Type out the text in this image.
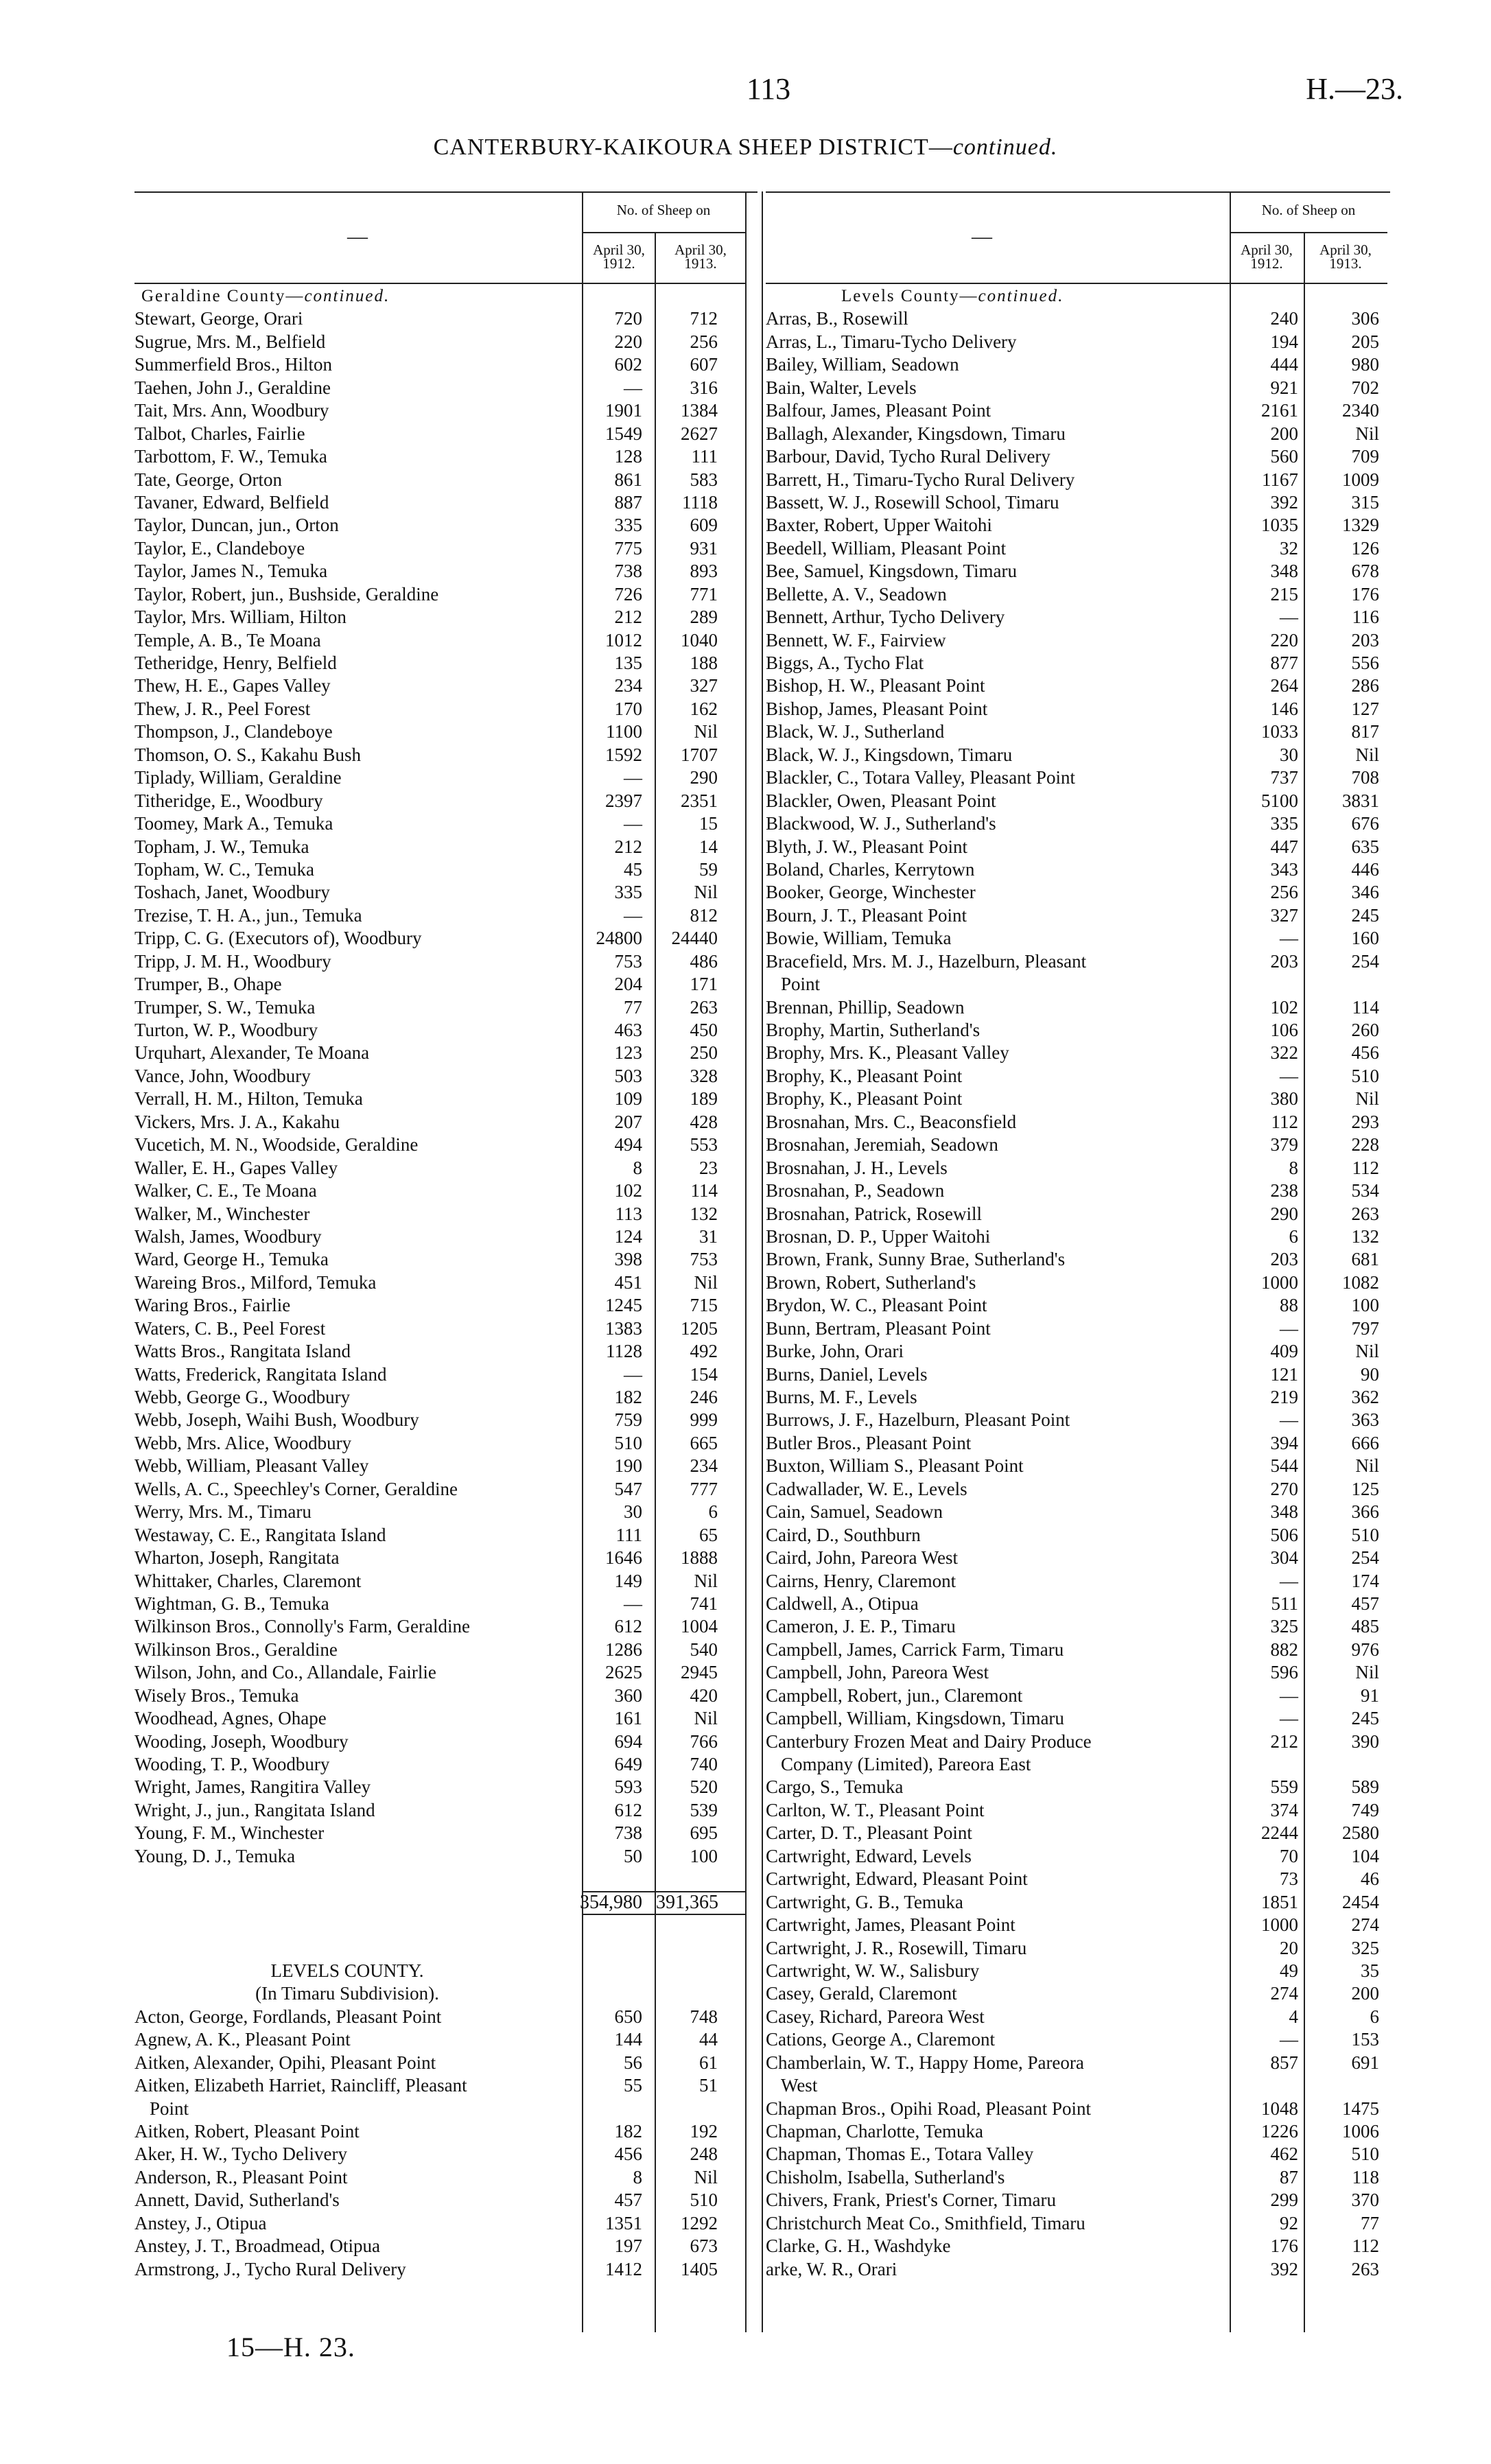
113	H.—23.
CANTERBURY-KAIKOURA SHEEP DISTRICT—continued.
—
No. of Sheep on
April 30,
1912.
April 30,
1913.
Geraldine County—continued.
Stewart, George, Orari	720	712
Sugrue, Mrs. M., Belfield	220	256
Summerfield Bros., Hilton	602	607
Taehen, John J., Geraldine	—	316
Tait, Mrs. Ann, Woodbury	1901	1384
Talbot, Charles, Fairlie	1549	2627
Tarbottom, F. W., Temuka	128	111
Tate, George, Orton	861	583
Tavaner, Edward, Belfield	887	1118
Taylor, Duncan, jun., Orton	335	609
Taylor, E., Clandeboye	775	931
Taylor, James N., Temuka	738	893
Taylor, Robert, jun., Bushside, Geraldine	726	771
Taylor, Mrs. William, Hilton	212	289
Temple, A. B., Te Moana	1012	1040
Tetheridge, Henry, Belfield	135	188
Thew, H. E., Gapes Valley	234	327
Thew, J. R., Peel Forest	170	162
Thompson, J., Clandeboye	1100	Nil
Thomson, O. S., Kakahu Bush	1592	1707
Tiplady, William, Geraldine	—	290
Titheridge, E., Woodbury	2397	2351
Toomey, Mark A., Temuka	—	15
Topham, J. W., Temuka	212	14
Topham, W. C., Temuka	45	59
Toshach, Janet, Woodbury	335	Nil
Trezise, T. H. A., jun., Temuka	—	812
Tripp, C. G. (Executors of), Woodbury	24800	24440
Tripp, J. M. H., Woodbury	753	486
Trumper, B., Ohape	204	171
Trumper, S. W., Temuka	77	263
Turton, W. P., Woodbury	463	450
Urquhart, Alexander, Te Moana	123	250
Vance, John, Woodbury	503	328
Verrall, H. M., Hilton, Temuka	109	189
Vickers, Mrs. J. A., Kakahu	207	428
Vucetich, M. N., Woodside, Geraldine	494	553
Waller, E. H., Gapes Valley	8	23
Walker, C. E., Te Moana	102	114
Walker, M., Winchester	113	132
Walsh, James, Woodbury	124	31
Ward, George H., Temuka	398	753
Wareing Bros., Milford, Temuka	451	Nil
Waring Bros., Fairlie	1245	715
Waters, C. B., Peel Forest	1383	1205
Watts Bros., Rangitata Island	1128	492
Watts, Frederick, Rangitata Island	—	154
Webb, George G., Woodbury	182	246
Webb, Joseph, Waihi Bush, Woodbury	759	999
Webb, Mrs. Alice, Woodbury	510	665
Webb, William, Pleasant Valley	190	234
Wells, A. C., Speechley's Corner, Geraldine	547	777
Werry, Mrs. M., Timaru	30	6
Westaway, C. E., Rangitata Island	111	65
Wharton, Joseph, Rangitata	1646	1888
Whittaker, Charles, Claremont	149	Nil
Wightman, G. B., Temuka	—	741
Wilkinson Bros., Connolly's Farm, Geraldine	612	1004
Wilkinson Bros., Geraldine	1286	540
Wilson, John, and Co., Allandale, Fairlie	2625	2945
Wisely Bros., Temuka	360	420
Woodhead, Agnes, Ohape	161	Nil
Wooding, Joseph, Woodbury	694	766
Wooding, T. P., Woodbury	649	740
Wright, James, Rangitira Valley	593	520
Wright, J., jun., Rangitata Island	612	539
Young, F. M., Winchester	738	695
Young, D. J., Temuka	50	100
354,980 391,365
LEVELS COUNTY.
(In Timaru Subdivision).
Acton, George, Fordlands, Pleasant Point	650	748
Agnew, A. K., Pleasant Point	144	44
Aitken, Alexander, Opihi, Pleasant Point	56	61
Aitken, Elizabeth Harriet, Raincliff, Pleasant	55	51
Point
Aitken, Robert, Pleasant Point	182	192
Aker, H. W., Tycho Delivery	456	248
Anderson, R., Pleasant Point	8	Nil
Annett, David, Sutherland's	457	510
Anstey, J., Otipua	1351	1292
Anstey, J. T., Broadmead, Otipua	197	673
Armstrong, J., Tycho Rural Delivery	1412	1405
—
No. of Sheep on
April 30,
1912.
April 30,
1913.
Levels County—continued.
Arras, B., Rosewill	240	306
Arras, L., Timaru-Tycho Delivery	194	205
Bailey, William, Seadown	444	980
Bain, Walter, Levels	921	702
Balfour, James, Pleasant Point	2161	2340
Ballagh, Alexander, Kingsdown, Timaru	200	Nil
Barbour, David, Tycho Rural Delivery	560	709
Barrett, H., Timaru-Tycho Rural Delivery	1167	1009
Bassett, W. J., Rosewill School, Timaru	392	315
Baxter, Robert, Upper Waitohi	1035	1329
Beedell, William, Pleasant Point	32	126
Bee, Samuel, Kingsdown, Timaru	348	678
Bellette, A. V., Seadown	215	176
Bennett, Arthur, Tycho Delivery	—	116
Bennett, W. F., Fairview	220	203
Biggs, A., Tycho Flat	877	556
Bishop, H. W., Pleasant Point	264	286
Bishop, James, Pleasant Point	146	127
Black, W. J., Sutherland	1033	817
Black, W. J., Kingsdown, Timaru	30	Nil
Blackler, C., Totara Valley, Pleasant Point	737	708
Blackler, Owen, Pleasant Point	5100	3831
Blackwood, W. J., Sutherland's	335	676
Blyth, J. W., Pleasant Point	447	635
Boland, Charles, Kerrytown	343	446
Booker, George, Winchester	256	346
Bourn, J. T., Pleasant Point	327	245
Bowie, William, Temuka	—	160
Bracefield, Mrs. M. J., Hazelburn, Pleasant	203	254
Point
Brennan, Phillip, Seadown	102	114
Brophy, Martin, Sutherland's	106	260
Brophy, Mrs. K., Pleasant Valley	322	456
Brophy, K., Pleasant Point	—	510
Brophy, K., Pleasant Point	380	Nil
Brosnahan, Mrs. C., Beaconsfield	112	293
Brosnahan, Jeremiah, Seadown	379	228
Brosnahan, J. H., Levels	8	112
Brosnahan, P., Seadown	238	534
Brosnahan, Patrick, Rosewill	290	263
Brosnan, D. P., Upper Waitohi	6	132
Brown, Frank, Sunny Brae, Sutherland's	203	681
Brown, Robert, Sutherland's	1000	1082
Brydon, W. C., Pleasant Point	88	100
Bunn, Bertram, Pleasant Point	—	797
Burke, John, Orari	409	Nil
Burns, Daniel, Levels	121	90
Burns, M. F., Levels	219	362
Burrows, J. F., Hazelburn, Pleasant Point	—	363
Butler Bros., Pleasant Point	394	666
Buxton, William S., Pleasant Point	544	Nil
Cadwallader, W. E., Levels	270	125
Cain, Samuel, Seadown	348	366
Caird, D., Southburn	506	510
Caird, John, Pareora West	304	254
Cairns, Henry, Claremont	—	174
Caldwell, A., Otipua	511	457
Cameron, J. E. P., Timaru	325	485
Campbell, James, Carrick Farm, Timaru	882	976
Campbell, John, Pareora West	596	Nil
Campbell, Robert, jun., Claremont	—	91
Campbell, William, Kingsdown, Timaru	—	245
Canterbury Frozen Meat and Dairy Produce	212	390
Company (Limited), Pareora East
Cargo, S., Temuka	559	589
Carlton, W. T., Pleasant Point	374	749
Carter, D. T., Pleasant Point	2244	2580
Cartwright, Edward, Levels	70	104
Cartwright, Edward, Pleasant Point	73	46
Cartwright, G. B., Temuka	1851	2454
Cartwright, James, Pleasant Point	1000	274
Cartwright, J. R., Rosewill, Timaru	20	325
Cartwright, W. W., Salisbury	49	35
Casey, Gerald, Claremont	274	200
Casey, Richard, Pareora West	4	6
Cations, George A., Claremont	—	153
Chamberlain, W. T., Happy Home, Pareora	857	691
West
Chapman Bros., Opihi Road, Pleasant Point	1048	1475
Chapman, Charlotte, Temuka	1226	1006
Chapman, Thomas E., Totara Valley	462	510
Chisholm, Isabella, Sutherland's	87	118
Chivers, Frank, Priest's Corner, Timaru	299	370
Christchurch Meat Co., Smithfield, Timaru	92	77
Clarke, G. H., Washdyke	176	112
arke, W. R., Orari	392	263
15—H. 23.
